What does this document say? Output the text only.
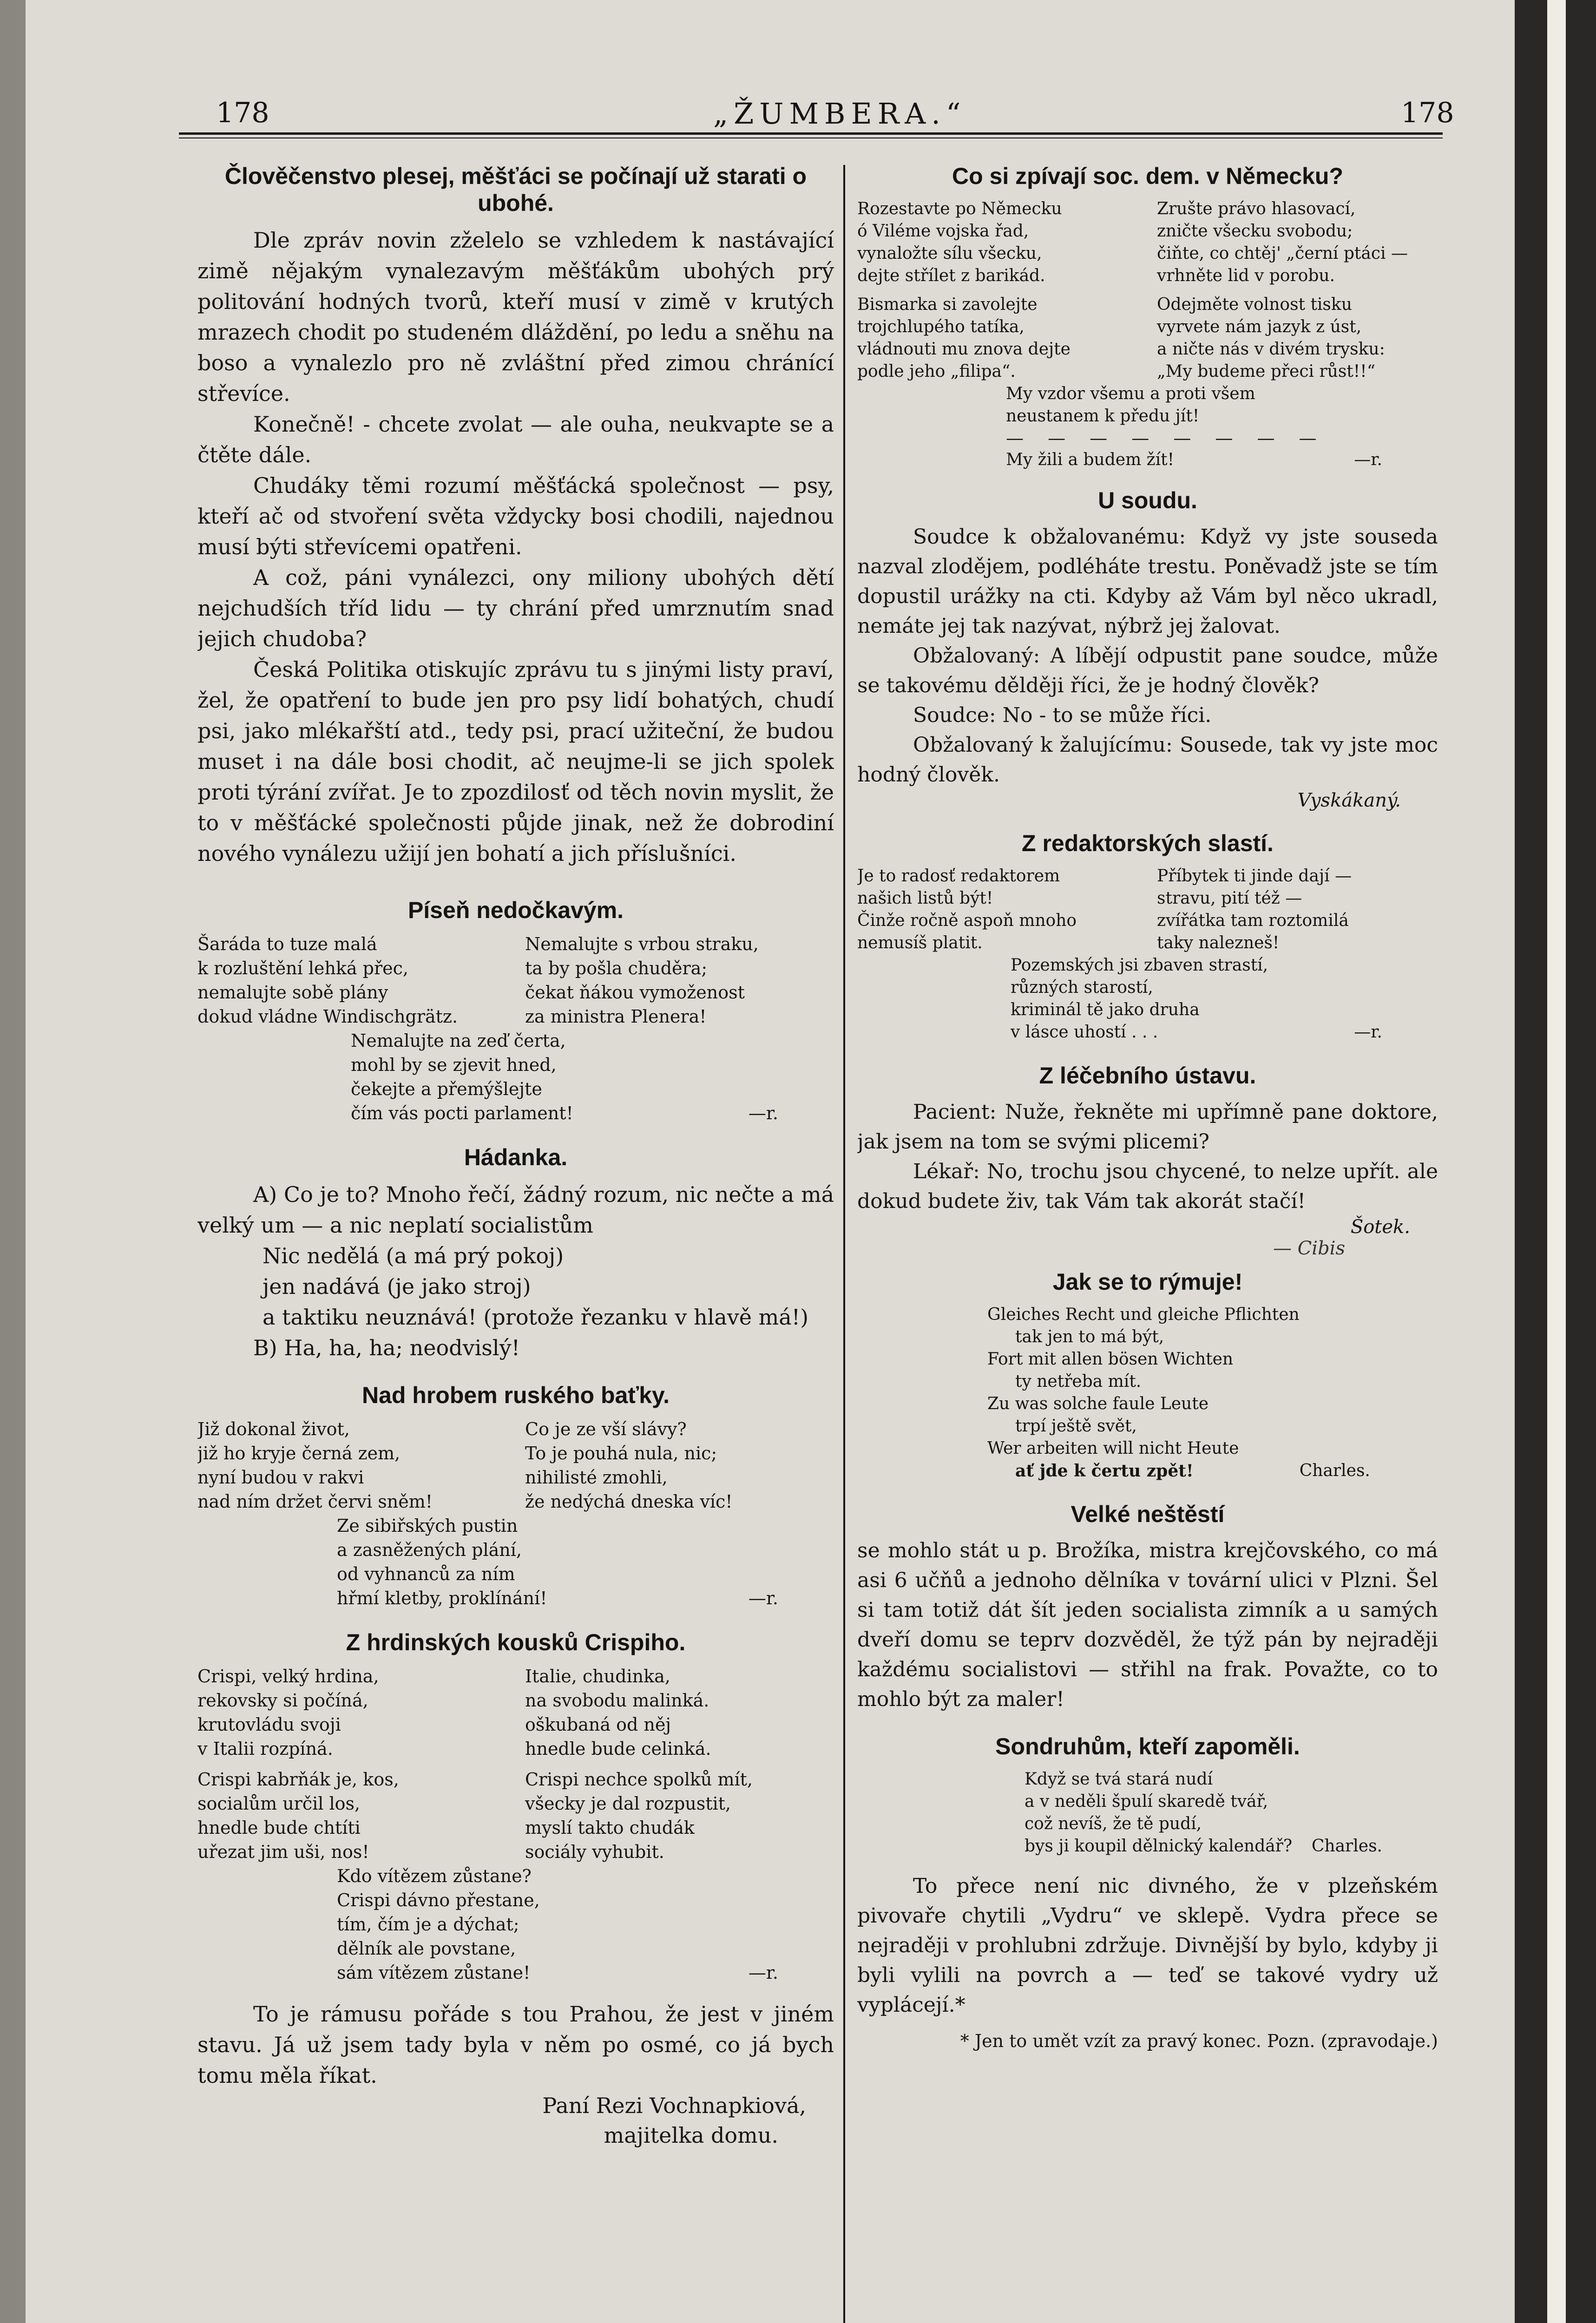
178	„ŽUMBERA.“	178
Člověčenstvo plesej, měšťáci se počínají už starati o ubohé.

Dle zpráv novin zželelo se vzhledem k nastávající zimě nějakým vynalezavým měšťákům ubohých prý politování hodných tvorů, kteří musí v zimě v krutých mrazech chodit po studeném dláždění, po ledu a sněhu na boso a vynalezlo pro ně zvláštní před zimou chránící střevíce.

Konečně! - chcete zvolat — ale ouha, neukvapte se a čtěte dále.

Chudáky těmi rozumí měšťácká společnost — psy, kteří ač od stvoření světa vždycky bosi chodili, najednou musí býti střevícemi opatřeni.

A což, páni vynálezci, ony miliony ubohých dětí nejchudších tříd lidu — ty chrání před umrznutím snad jejich chudoba?

Česká Politika otiskujíc zprávu tu s jinými listy praví, žel, že opatření to bude jen pro psy lidí bohatých, chudí psi, jako mlékařští atd., tedy psi, prací užiteční, že budou muset i na dále bosi chodit, ač neujme-li se jich spolek proti týrání zvířat. Je to zpozdilosť od těch novin myslit, že to v měšťácké společnosti půjde jinak, než že dobrodiní nového vynálezu užijí jen bohatí a jich příslušníci.

Píseň nedočkavým.
Šaráda to tuze malá
k rozluštění lehká přec,
nemalujte sobě plány
dokud vládne Windischgrätz.
Nemalujte s vrbou straku,
ta by pošla chuděra;
čekat ňákou vymoženost
za ministra Plenera!
Nemalujte na zeď čerta,
mohl by se zjevit hned,
čekejte a přemýšlejte
čím vás pocti parlament!	—r.
Hádanka.

A) Co je to? Mnoho řečí, žádný rozum, nic nečte a má velký um — a nic neplatí socialistům

Nic nedělá (a má prý pokoj)
jen nadává (je jako stroj)
a taktiku neuznává! (protože řezanku v hlavě má!)

B) Ha, ha, ha; neodvislý!

Nad hrobem ruského baťky.
Již dokonal život,
již ho kryje černá zem,
nyní budou v rakvi
nad ním držet červi sněm!
Co je ze vší slávy?
To je pouhá nula, nic;
nihilisté zmohli,
že nedýchá dneska víc!
Ze sibiřských pustin
a zasněžených plání,
od vyhnanců za ním
hřmí kletby, proklínání!	—r.
Z hrdinských kousků Crispiho.
Crispi, velký hrdina,
rekovsky si počíná,
krutovládu svoji
v Italii rozpíná.
Italie, chudinka,
na svobodu malinká.
oškubaná od něj
hnedle bude celinká.
Crispi kabrňák je, kos,
socialům určil los,
hnedle bude chtíti
uřezat jim uši, nos!
Crispi nechce spolků mít,
všecky je dal rozpustit,
myslí takto chudák
sociály vyhubit.
Kdo vítězem zůstane?
Crispi dávno přestane,
tím, čím je a dýchat;
dělník ale povstane,
sám vítězem zůstane!	—r.

To je rámusu pořáde s tou Prahou, že jest v jiném stavu. Já už jsem tady byla v něm po osmé, co já bych tomu měla říkat.

Paní Rezi Vochnapkiová,
majitelka domu.
Co si zpívají soc. dem. v Německu?
Rozestavte po Německu
ó Viléme vojska řad,
vynaložte sílu všecku,
dejte střílet z barikád.
Zrušte právo hlasovací,
zničte všecku svobodu;
čiňte, co chtěj' „černí ptáci —
vrhněte lid v porobu.
Bismarka si zavolejte
trojchlupého tatíka,
vládnouti mu znova dejte
podle jeho „filipa“.
Odejměte volnost tisku
vyrvete nám jazyk z úst,
a ničte nás v divém trysku:
„My budeme přeci růst!!“
My vzdor všemu a proti všem
neustanem k předu jít!
— — — — — — — —
My žili a budem žít!	—r.
U soudu.

Soudce k obžalovanému: Když vy jste souseda nazval zlodějem, podléháte trestu. Poněvadž jste se tím dopustil urážky na cti. Kdyby až Vám byl něco ukradl, nemáte jej tak nazývat, nýbrž jej žalovat.

Obžalovaný: A líbějí odpustit pane soudce, může se takovému dělději říci, že je hodný člověk?

Soudce: No - to se může říci.

Obžalovaný k žalujícímu: Sousede, tak vy jste moc hodný člověk.

Vyskákaný.
Z redaktorských slastí.
Je to radosť redaktorem
našich listů být!
Činže ročně aspoň mnoho
nemusíš platit.
Příbytek ti jinde dají —
stravu, pití též —
zvířátka tam roztomilá
taky nalezneš!
Pozemských jsi zbaven strastí,
různých starostí,
kriminál tě jako druha
v lásce uhostí . . .	—r.
Z léčebního ústavu.

Pacient: Nuže, řekněte mi upřímně pane doktore, jak jsem na tom se svými plicemi?

Lékař: No, trochu jsou chycené, to nelze upřít. ale dokud budete živ, tak Vám tak akorát stačí!

Šotek.
— Cibis
Jak se to rýmuje!
Gleiches Recht und gleiche Pflichten
tak jen to má být,
Fort mit allen bösen Wichten
ty netřeba mít.
Zu was solche faule Leute
trpí ještě svět,
Wer arbeiten will nicht Heute
ať jde k čertu zpět!	Charles.
Velké neštěstí

se mohlo stát u p. Brožíka, mistra krejčovského, co má asi 6 učňů a jednoho dělníka v tovární ulici v Plzni. Šel si tam totiž dát šít jeden socialista zimník a u samých dveří domu se teprv dozvěděl, že týž pán by nejraději každému socialistovi — střihl na frak. Považte, co to mohlo být za maler!

Sondruhům, kteří zapoměli.
Když se tvá stará nudí
a v neděli špulí skaredě tvář,
což nevíš, že tě pudí,
bys ji koupil dělnický kalendář? Charles.

To přece není nic divného, že v plzeňském pivovaře chytili „Vydru“ ve sklepě. Vydra přece se nejraději v prohlubni zdržuje. Divnější by bylo, kdyby ji byli vylili na povrch a — teď se takové vydry už vyplácejí.*

* Jen to umět vzít za pravý konec. Pozn. (zpravodaje.)
